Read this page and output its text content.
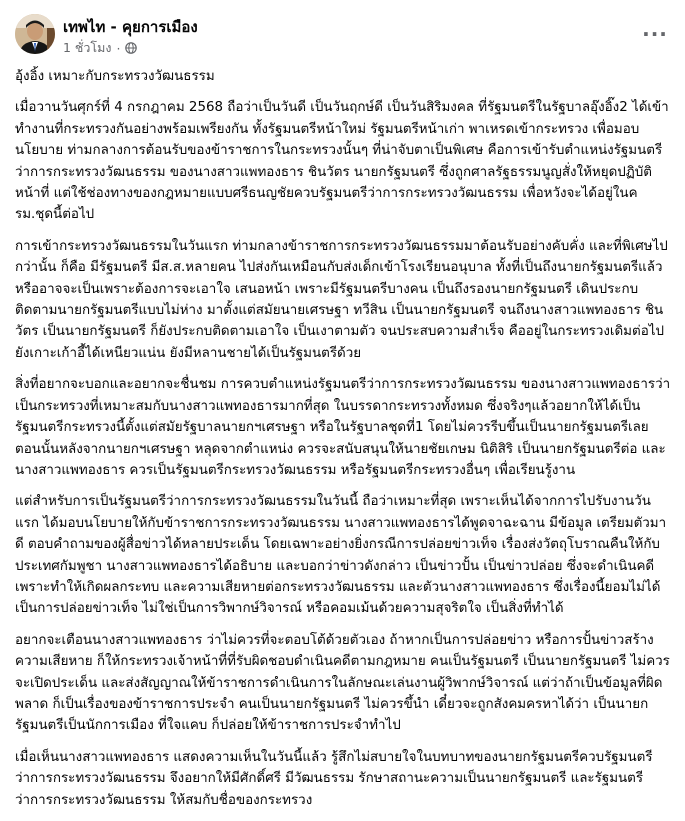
เทพไท - คุยการเมือง
1 ชั่วโมง ·
···

อุ้งอิ้ง เหมาะกับกระทรวงวัฒนธรรม

เมื่อวานวันศุกร์ที่ 4 กรกฎาคม 2568 ถือว่าเป็นวันดี เป็นวันฤกษ์ดี เป็นวันสิริมงคล ที่รัฐมนตรีในรัฐบาลอุ๊งอิ๊ง2 ได้เข้าทำงานที่กระทรวงกันอย่างพร้อมเพรียงกัน ทั้งรัฐมนตรีหน้าใหม่ รัฐมนตรีหน้าเก่า พาเหรดเข้ากระทรวง เพื่อมอบนโยบาย ท่ามกลางการต้อนรับของข้าราชการในกระทรวงนั้นๆ ที่น่าจับตาเป็นพิเศษ คือการเข้ารับตำแหน่งรัฐมนตรีว่าการกระทรวงวัฒนธรรม ของนางสาวแพทองธาร ชินวัตร นายกรัฐมนตรี ซึ่งถูกศาลรัฐธรรมนูญสั่งให้หยุดปฏิบัติหน้าที่ แต่ใช้ช่องทางของกฎหมายแบบศรีธนญชัยควบรัฐมนตรีว่าการกระทรวงวัฒนธรรม เพื่อหวังจะได้อยู่ในครม.ชุดนี้ต่อไป

การเข้ากระทรวงวัฒนธรรมในวันแรก ท่ามกลางข้าราชการกระทรวงวัฒนธรรมมาต้อนรับอย่างคับคั่ง และที่พิเศษไปกว่านั้น ก็คือ มีรัฐมนตรี มีส.ส.หลายคน ไปส่งกันเหมือนกับส่งเด็กเข้าโรงเรียนอนุบาล ทั้งที่เป็นถึงนายกรัฐมนตรีแล้ว หรืออาจจะเป็นเพราะต้องการจะเอาใจ เสนอหน้า เพราะมีรัฐมนตรีบางคน เป็นถึงรองนายกรัฐมนตรี เดินประกบติดตามนายกรัฐมนตรีแบบไม่ห่าง มาตั้งแต่สมัยนายเศรษฐา ทวีสิน เป็นนายกรัฐมนตรี จนถึงนางสาวแพทองธาร ชินวัตร เป็นนายกรัฐมนตรี ก็ยังประกบติดตามเอาใจ เป็นเงาตามตัว จนประสบความสำเร็จ คืออยู่ในกระทรวงเดิมต่อไป ยังเกาะเก้าอี้ได้เหนียวแน่น ยังมีหลานชายได้เป็นรัฐมนตรีด้วย

สิ่งที่อยากจะบอกและอยากจะชื่นชม การควบตำแหน่งรัฐมนตรีว่าการกระทรวงวัฒนธรรม ของนางสาวแพทองธารว่า เป็นกระทรวงที่เหมาะสมกับนางสาวแพทองธารมากที่สุด ในบรรดากระทรวงทั้งหมด ซึ่งจริงๆแล้วอยากให้ได้เป็นรัฐมนตรีกระทรวงนี้ตั้งแต่สมัยรัฐบาลนายกฯเศรษฐา หรือในรัฐบาลชุดที่1 โดยไม่ควรรีบขึ้นเป็นนายกรัฐมนตรีเลย ตอนนั้นหลังจากนายกฯเศรษฐา หลุดจากตำแหน่ง ควรจะสนับสนุนให้นายชัยเกษม นิติสิริ เป็นนายกรัฐมนตรีต่อ และนางสาวแพทองธาร ควรเป็นรัฐมนตรีกระทรวงวัฒนธรรม หรือรัฐมนตรีกระทรวงอื่นๆ เพื่อเรียนรู้งาน

แต่สำหรับการเป็นรัฐมนตรีว่าการกระทรวงวัฒนธรรมในวันนี้ ถือว่าเหมาะที่สุด เพราะเห็นได้จากการไปรับงานวันแรก ได้มอบนโยบายให้กับข้าราชการกระทรวงวัฒนธรรม นางสาวแพทองธารได้พูดจาฉะฉาน มีข้อมูล เตรียมตัวมาดี ตอบคำถามของผู้สื่อข่าวได้หลายประเด็น โดยเฉพาะอย่างยิ่งกรณีการปล่อยข่าวเท็จ เรื่องส่งวัตถุโบราณคืนให้กับประเทศกัมพูชา นางสาวแพทองธารได้อธิบาย และบอกว่าข่าวดังกล่าว เป็นข่าวปั้น เป็นข่าวปล่อย ซึ่งจะดำเนินคดี เพราะทำให้เกิดผลกระทบ และความเสียหายต่อกระทรวงวัฒนธรรม และตัวนางสาวแพทองธาร ซึ่งเรื่องนี้ยอมไม่ได้ เป็นการปล่อยข่าวเท็จ ไม่ใช่เป็นการวิพากษ์วิจารณ์ หรือคอมเม้นด้วยความสุจริตใจ เป็นสิ่งที่ทำได้

อยากจะเตือนนางสาวแพทองธาร ว่าไม่ควรที่จะตอบโต้ด้วยตัวเอง ถ้าหากเป็นการปล่อยข่าว หรือการปั้นข่าวสร้างความเสียหาย ก็ให้กระทรวงเจ้าหน้าที่ที่รับผิดชอบดำเนินคดีตามกฎหมาย คนเป็นรัฐมนตรี เป็นนายกรัฐมนตรี ไม่ควรจะเปิดประเด็น และส่งสัญญาณให้ข้าราชการดำเนินการในลักษณะเล่นงานผู้วิพากษ์วิจารณ์ แต่ว่าถ้าเป็นข้อมูลที่ผิดพลาด ก็เป็นเรื่องของข้าราชการประจำ คนเป็นนายกรัฐมนตรี ไม่ควรขึ้นำ เดี๋ยวจะถูกสังคมครหาได้ว่า เป็นนายกรัฐมนตรีเป็นนักการเมือง ที่ใจแคบ ก็ปล่อยให้ข้าราชการประจำทำไป

เมื่อเห็นนางสาวแพทองธาร แสดงความเห็นในวันนี้แล้ว รู้สึกไม่สบายใจในบทบาทของนายกรัฐมนตรีควบรัฐมนตรีว่าการกระทรวงวัฒนธรรม จึงอยากให้มีศักดิ์ศรี มีวัฒนธรรม รักษาสถานะความเป็นนายกรัฐมนตรี และรัฐมนตรีว่าการกระทรวงวัฒนธรรม ให้สมกับชื่อของกระทรวง
